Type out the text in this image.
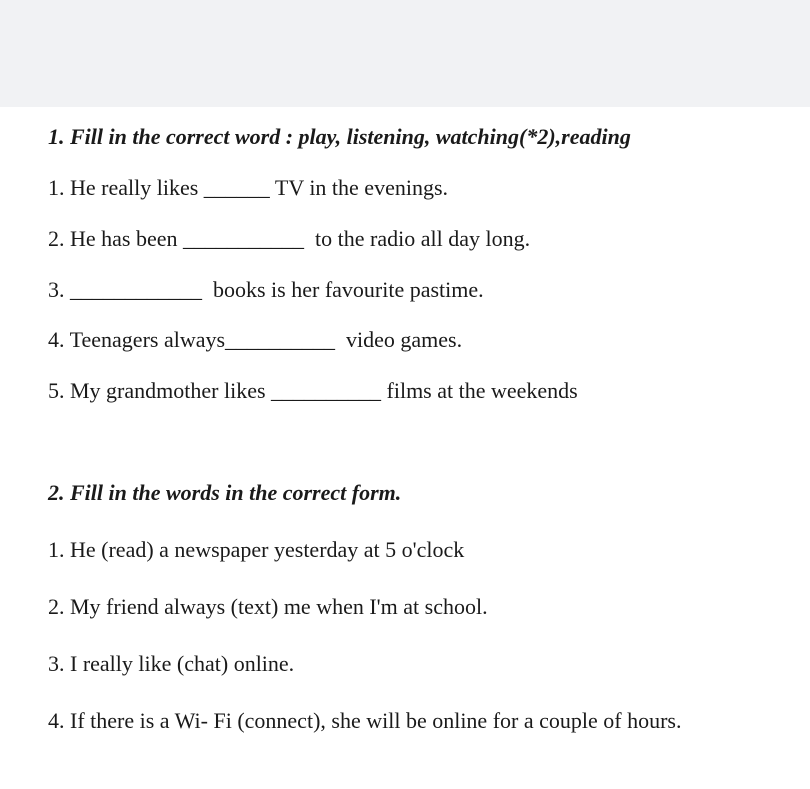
1. Fill in the correct word : play, listening, watching(*2),reading
1. He really likes ______ TV in the evenings.
2. He has been ___________  to the radio all day long.
3. ____________  books is her favourite pastime.
4. Teenagers always__________  video games.
5. My grandmother likes __________ films at the weekends
2. Fill in the words in the correct form.
1. He (read) a newspaper yesterday at 5 o'clock
2. My friend always (text) me when I'm at school.
3. I really like (chat) online.
4. If there is a Wi- Fi (connect), she will be online for a couple of hours.
